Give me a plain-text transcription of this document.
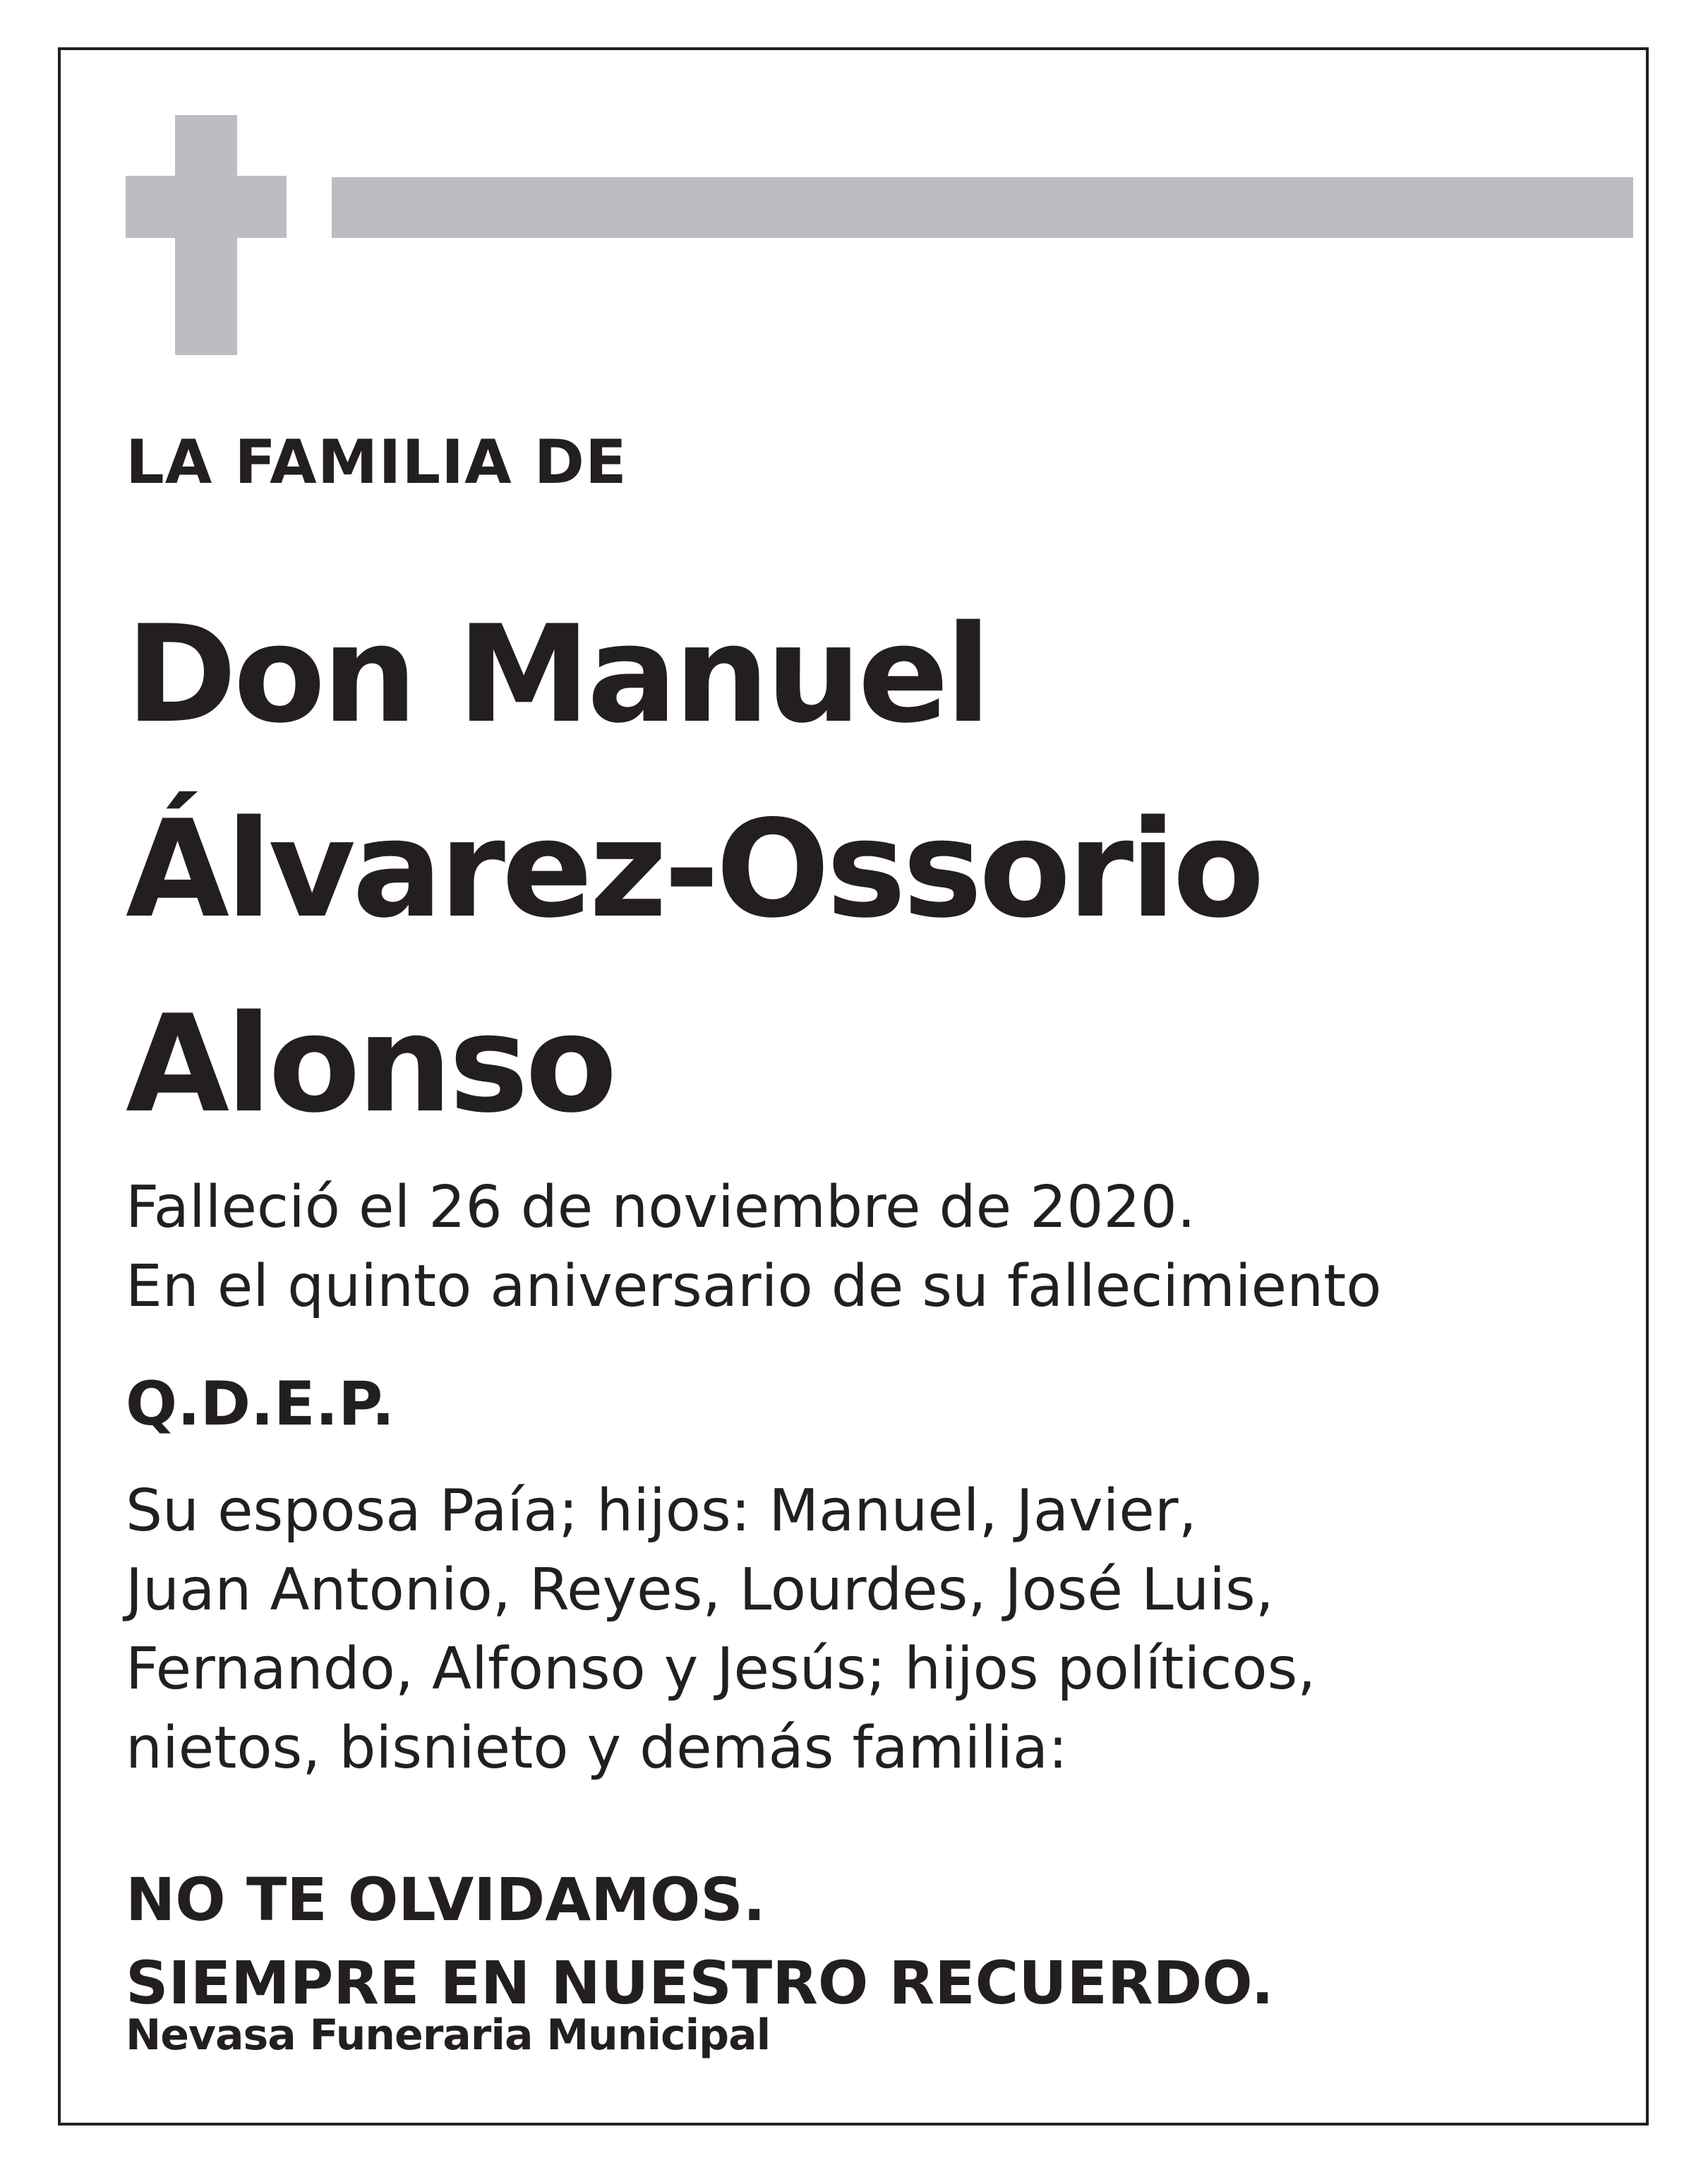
LA FAMILIA DE

Don Manuel
Álvarez-Ossorio
Alonso

Falleció el 26 de noviembre de 2020.
En el quinto aniversario de su fallecimiento

Q.D.E.P.

Su esposa Paía; hijos: Manuel, Javier,
Juan Antonio, Reyes, Lourdes, José Luis,
Fernando, Alfonso y Jesús; hijos políticos,
nietos, bisnieto y demás familia:

NO TE OLVIDAMOS.
SIEMPRE EN NUESTRO RECUERDO.

Nevasa Funeraria Municipal
